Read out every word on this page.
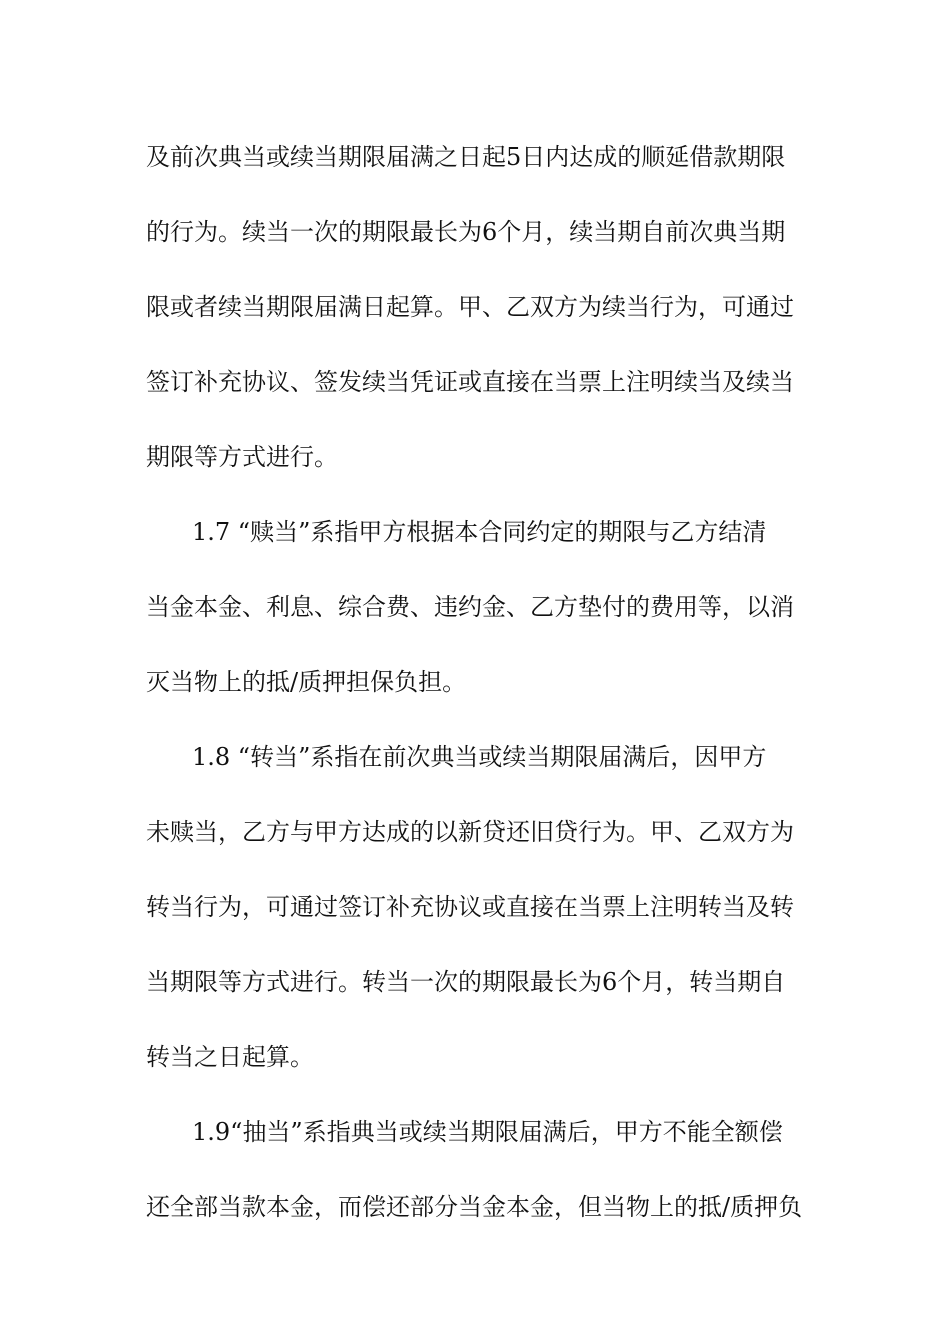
及前次典当或续当期限届满之日起5日内达成的顺延借款期限
的行为。续当一次的期限最长为6个月，续当期自前次典当期
限或者续当期限届满日起算。甲、乙双方为续当行为，可通过
签订补充协议、签发续当凭证或直接在当票上注明续当及续当
期限等方式进行。
1.7 “赎当”系指甲方根据本合同约定的期限与乙方结清
当金本金、利息、综合费、违约金、乙方垫付的费用等，以消
灭当物上的抵/质押担保负担。
1.8 “转当”系指在前次典当或续当期限届满后，因甲方
未赎当，乙方与甲方达成的以新贷还旧贷行为。甲、乙双方为
转当行为，可通过签订补充协议或直接在当票上注明转当及转
当期限等方式进行。转当一次的期限最长为6个月，转当期自
转当之日起算。
1.9“抽当”系指典当或续当期限届满后，甲方不能全额偿
还全部当款本金，而偿还部分当金本金，但当物上的抵/质押负
